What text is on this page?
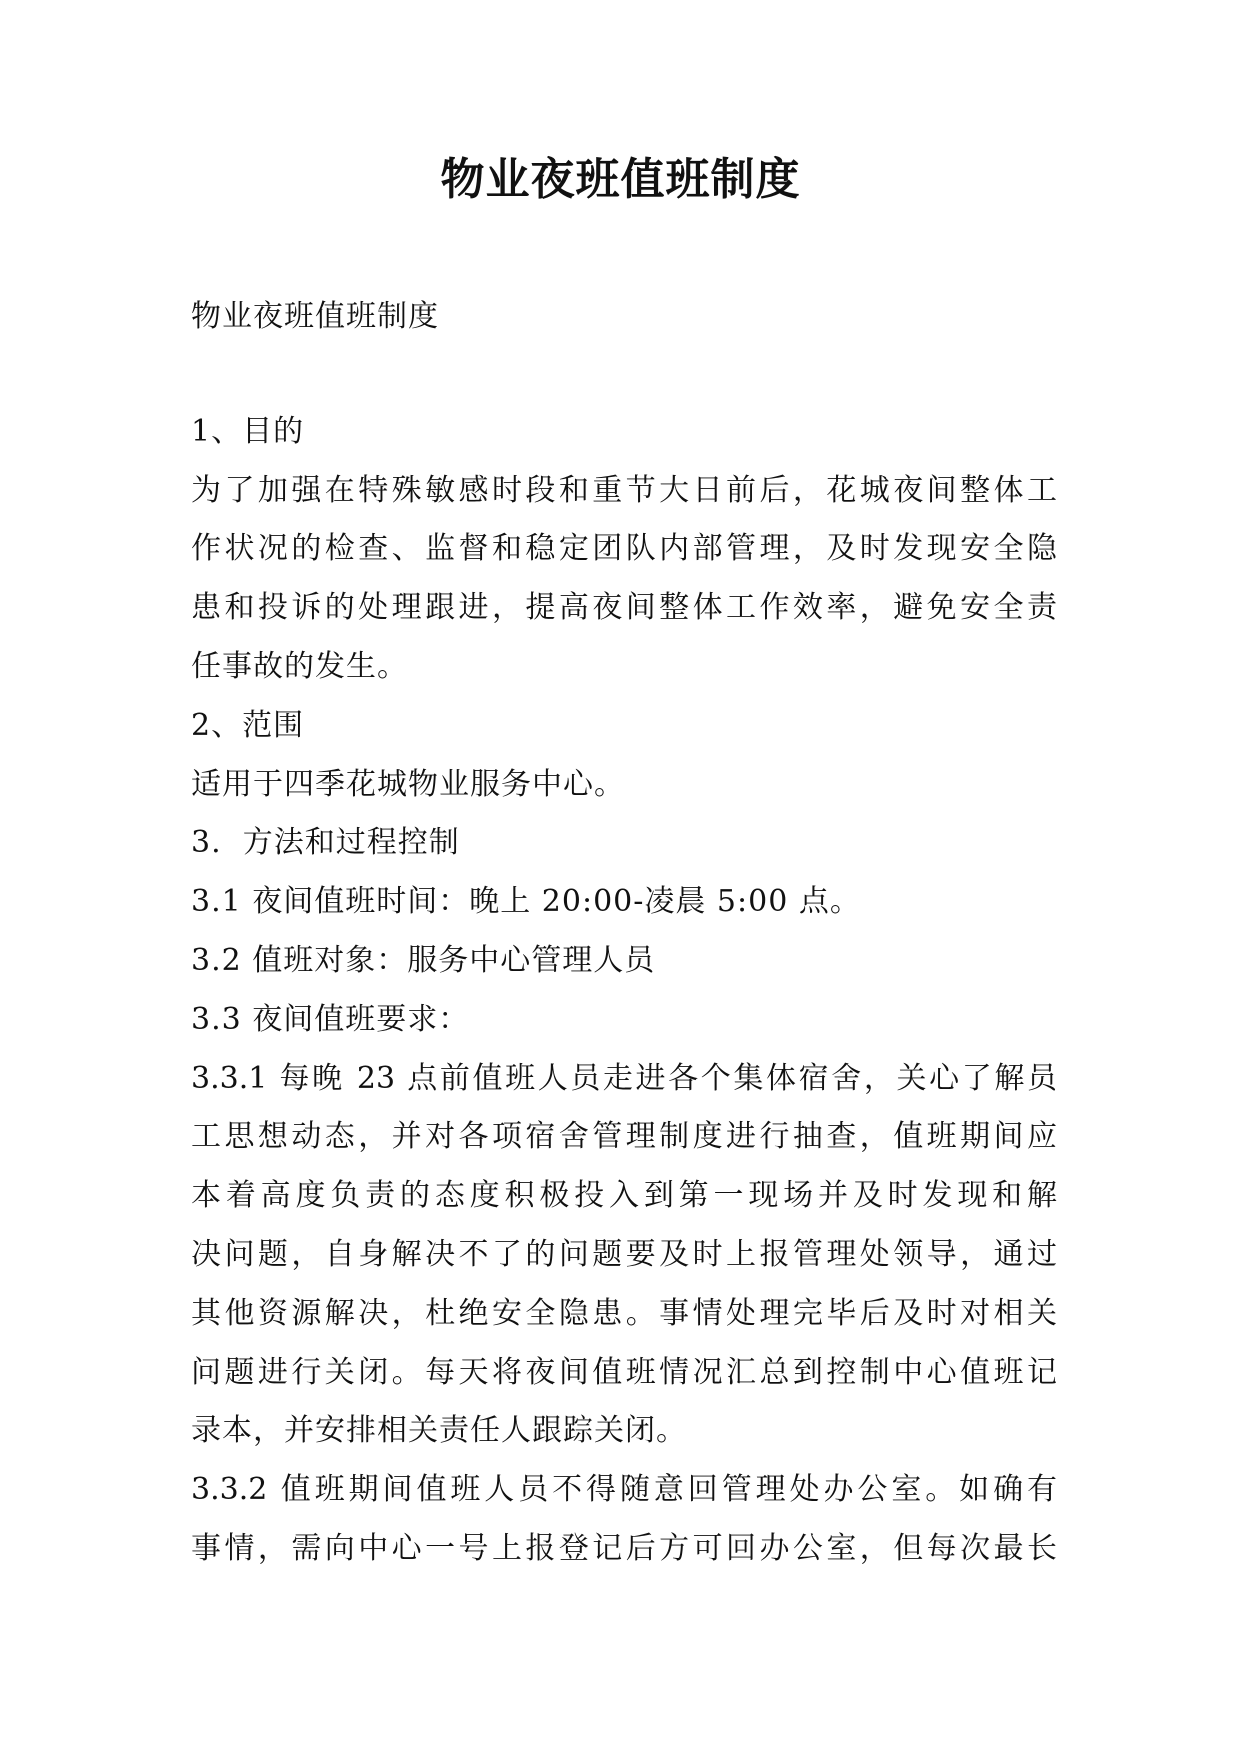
物业夜班值班制度
物业夜班值班制度
1、目的
为了加强在特殊敏感时段和重节大日前后，花城夜间整体工
作状况的检查、监督和稳定团队内部管理，及时发现安全隐
患和投诉的处理跟进，提高夜间整体工作效率，避免安全责
任事故的发生。
2、范围
适用于四季花城物业服务中心。
3.  方法和过程控制
3.1 夜间值班时间：晚上 20:00-凌晨 5:00 点。
3.2 值班对象：服务中心管理人员
3.3 夜间值班要求：
3.3.1 每晚 23 点前值班人员走进各个集体宿舍，关心了解员
工思想动态，并对各项宿舍管理制度进行抽查，值班期间应
本着高度负责的态度积极投入到第一现场并及时发现和解
决问题，自身解决不了的问题要及时上报管理处领导，通过
其他资源解决，杜绝安全隐患。事情处理完毕后及时对相关
问题进行关闭。每天将夜间值班情况汇总到控制中心值班记
录本，并安排相关责任人跟踪关闭。
3.3.2 值班期间值班人员不得随意回管理处办公室。如确有
事情，需向中心一号上报登记后方可回办公室，但每次最长
